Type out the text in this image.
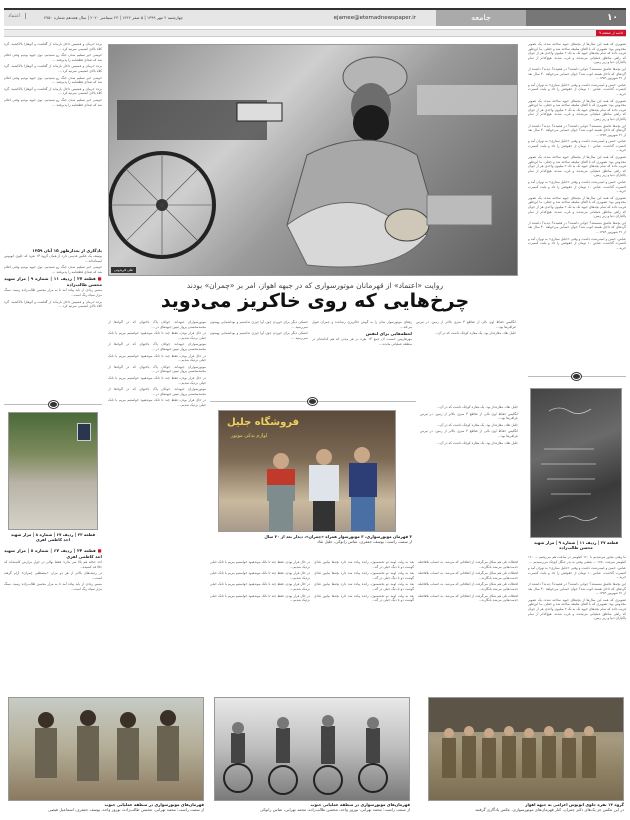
۱۰
جامعه
ejamee@etemadnewspaper.ir
چهارشنبه ۲ مهر ۱۳۹۹ | ۵ صفر ۱۴۴۲ | ۲۳ سپتامبر ۲۰۲۰ | سال هجدهم شماره ۴۷۵۰
اعتماد
ادامه از صفحه ۹

تصویری که همه این سال‌ها از بچه‌های جبهه ساخته شده، یک تصویر مخدوش بود؛ تصویری که با القای سلیقه ساخته شد و جعلی. ما این‌طور فریب داده که تمام بچه‌های جبهه تک به تک ۲ میلیون واحدی هر از جوان که راهی مناطق عملیاتی می‌شدند و غرب شدند، هیچ‌کدام از تمام پاکبازان دنیا و زیر زمین.

این بچه‌ها عاشق نشستند؟ جوانی داشتند؟ در فصیده؟ دیدید؟ داشتند از گردهای که داخل هسته اتوب شد؟ جوان حسابی می‌خواهد ۴۰ سال بعد از ۳۱ شهریور ۱۳۵۹...

عباس، حسن و امینی‌شت داشت و وقتی «جلیل ستاری» به تهران آمد و کنسرت گذاشت، عباس ۱۰ تومان از حقوقش را داد و بلیت کنسرت خرید...

تصویری که همه این سال‌ها از بچه‌های جبهه ساخته شده، یک تصویر مخدوش بود؛ تصویری که با القای سلیقه ساخته شد و جعلی. ما این‌طور فریب داده که تمام بچه‌های جبهه تک به تک ۲ میلیون واحدی هر از جوان که راهی مناطق عملیاتی می‌شدند و غرب شدند، هیچ‌کدام از تمام پاکبازان دنیا و زیر زمین.

این بچه‌ها عاشق نشستند؟ جوانی داشتند؟ در فصیده؟ دیدید؟ داشتند از گردهای که داخل هسته اتوب شد؟ جوان حسابی می‌خواهد ۴۰ سال بعد از ۳۱ شهریور ۱۳۵۹...

عباس، حسن و امینی‌شت داشت و وقتی «جلیل ستاری» به تهران آمد و کنسرت گذاشت، عباس ۱۰ تومان از حقوقش را داد و بلیت کنسرت خرید...

تصویری که همه این سال‌ها از بچه‌های جبهه ساخته شده، یک تصویر مخدوش بود؛ تصویری که با القای سلیقه ساخته شد و جعلی. ما این‌طور فریب داده که تمام بچه‌های جبهه تک به تک ۲ میلیون واحدی هر از جوان که راهی مناطق عملیاتی می‌شدند و غرب شدند، هیچ‌کدام از تمام پاکبازان دنیا و زیر زمین.

عباس، حسن و امینی‌شت داشت و وقتی «جلیل ستاری» به تهران آمد و کنسرت گذاشت، عباس ۱۰ تومان از حقوقش را داد و بلیت کنسرت خرید...

تصویری که همه این سال‌ها از بچه‌های جبهه ساخته شده، یک تصویر مخدوش بود؛ تصویری که با القای سلیقه ساخته شد و جعلی. ما این‌طور فریب داده که تمام بچه‌های جبهه تک به تک ۲ میلیون واحدی هر از جوان که راهی مناطق عملیاتی می‌شدند و غرب شدند، هیچ‌کدام از تمام پاکبازان دنیا و زیر زمین.

این بچه‌ها عاشق نشستند؟ جوانی داشتند؟ در فصیده؟ دیدید؟ داشتند از گردهای که داخل هسته اتوب شد؟ جوان حسابی می‌خواهد ۴۰ سال بعد از ۳۱ شهریور ۱۳۵۹...

عباس، حسن و امینی‌شت داشت و وقتی «جلیل ستاری» به تهران آمد و کنسرت گذاشت، عباس ۱۰ تومان از حقوقش را داد و بلیت کنسرت خرید...

قطعه ۲۷ | ردیف ۱۱ | شماره ۹ | مزار شهید محسن طالب‌زاده

ما وقتی محور می‌شدیم با ۱۲۰ کیلومتر در ساعت هم می‌رفتیم ... ۱۲۰ کیلومتر سرعت ۱۲۵۰ ... بعضی وقتی به بدر جنگل کوچک می‌رسیدیم ...

عباس، حسن و امینی‌شت داشت و وقتی «جلیل ستاری» به تهران آمد و کنسرت گذاشت، عباس ۱۰ تومان از حقوقش را داد و بلیت کنسرت خرید...

این بچه‌ها عاشق نشستند؟ جوانی داشتند؟ در فصیده؟ دیدید؟ داشتند از گردهای که داخل هسته اتوب شد؟ جوان حسابی می‌خواهد ۴۰ سال بعد از ۳۱ شهریور ۱۳۵۹...

تصویری که همه این سال‌ها از بچه‌های جبهه ساخته شده، یک تصویر مخدوش بود؛ تصویری که با القای سلیقه ساخته شد و جعلی. ما این‌طور فریب داده که تمام بچه‌های جبهه تک به تک ۲ میلیون واحدی هر از جوان که راهی مناطق عملیاتی می‌شدند و غرب شدند، هیچ‌کدام از تمام پاکبازان دنیا و زیر زمین.

برده حرمان و فشپس داخل بازماند از گفاشت و آتوهارا بالاکشید، گره کلاه بالای انشیمی سرتپه کرد ...

خوشی خیر تسلیم شدن جنگ رو شنیدیم. توی جبهه بودیم وقتی اعلام شد که صدای قطعنامه را پذیرفتند ...

برده حرمان و فشپس داخل بازماند از گفاشت و آتوهارا بالاکشید، گره کلاه بالای انشیمی سرتپه کرد ...

خوشی خیر تسلیم شدن جنگ رو شنیدیم. توی جبهه بودیم وقتی اعلام شد که صدای قطعنامه را پذیرفتند ...

برده حرمان و فشپس داخل بازماند از گفاشت و آتوهارا بالاکشید، گره کلاه بالای انشیمی سرتپه کرد ...

خوشی خیر تسلیم شدن جنگ رو شنیدیم. توی جبهه بودیم وقتی اعلام شد که صدای قطعنامه را پذیرفتند ...

یادگاری از بعدازظهر ۱۵ آبان ۱۳۵۹

یوسف یک عکس قدیمی دارد از همان گروه ۱۴ نفره که جلوی اتوبوس ایستاده‌اند...

خوشی خیر تسلیم شدن جنگ رو شنیدیم. توی جبهه بودیم وقتی اعلام شد که صدای قطعنامه را پذیرفتند ...

■ قطعه ۲۷ | ردیف ۱۱ | شماره ۹ | مزار شهید محسن طالب‌زاده

مسیر زیادی از باید پیاده آمد تا به مزار محسن طالب‌زاده رسید. سنگ مزار سیاه رنگ است...

برده حرمان و فشپس داخل بازماند از گفاشت و آتوهارا بالاکشید، گره کلاه بالای انشیمی سرتپه کرد ...

قطعه ۲۴ | ردیف ۶۷ | شماره ۸ | مزار شهید احد کاظمی اهری
■ قطعه ۲۴ | ردیف ۶۷ | شماره ۸ | مزار شهید احد کاظمی اهری

احد حجله هم بالا سر ندارد؛ فقط نهالی در جوار مزارش کاشته‌اند که حالا قد کشیده...

در ردیف‌های بالاتر از هر دو مزار، «مصطفی چمران» آرام گرفته است...

مسیر زیادی از باید پیاده آمد تا به مزار محسن طالب‌زاده رسید. سنگ مزار سیاه رنگ است...

علی فریدونی
روایت «اعتماد» از قهرمانان موتورسواری که در جبهه اهواز، امر بر «چمران» بودند
چرخ‌هایی که روی خاکریز می‌دوید

انگلیس حفاظ اوی بالی از تقاطع ۴ متری بالاتر از زمین. در تیرس عراقی‌ها بود...

جلیل نقاد، مغازه‌دار بود. یک مغازه کوچک داشت که در آن...

رفقای موتورسوار شان را به گوش خاکریزی رساندند و چمران قبول می‌کند...

لحظه‌هایی برای لنفس

مهرهاریس حسنت آن جمع ۱۴ نفره در هر مدتی که هم کداشتان در منطقه عملیاتی ماندند...

خشکی دیگر برای خوردن چون آوا چیزی نداشتیم و بوداشمایی پهمتون نمی‌رسید ...

خشکی دیگر برای خوردن چون آوا چیزی نداشتیم و بوداشمایی پهمتون نمی‌رسید ...

موتورسواران جبهه‌اند. جوانان پاک باختهای که در آلوادها از محمدمحسنی پرواز تبیین جبهه‌های در ...

در حال فرار بودن، فقط چند تا تانک موندهبود خواستیم ببریم با تانک خیلی نزدیک شدیم...

موتورسواران جبهه‌اند. جوانان پاک باختهای که در آلوادها از محمدمحسنی پرواز تبیین جبهه‌های در ...

در حال فرار بودن، فقط چند تا تانک موندهبود خواستیم ببریم با تانک خیلی نزدیک شدیم...

موتورسواران جبهه‌اند. جوانان پاک باختهای که در آلوادها از محمدمحسنی پرواز تبیین جبهه‌های در ...

در حال فرار بودن، فقط چند تا تانک موندهبود خواستیم ببریم با تانک خیلی نزدیک شدیم...

موتورسواران جبهه‌اند. جوانان پاک باختهای که در آلوادها از محمدمحسنی پرواز تبیین جبهه‌های در ...

در حال فرار بودن، فقط چند تا تانک موندهبود خواستیم ببریم با تانک خیلی نزدیک شدیم...

فروشگاه جلیل
لوازم یدکی موتور
۳ قهرمان موتورسواری، ۳ موتورسوار همراه «چمران»، دیدار بعد از ۴۰ سال
از سمت راست: یوسف جعفری، عباس رانوکی، جلیل نقاد

جلیل نقاد، مغازه‌دار بود. یک مغازه کوچک داشت که در آن...

انگلیس حفاظ اوی بالی از تقاطع ۴ متری بالاتر از زمین. در تیرس عراقی‌ها بود...

جلیل نقاد، مغازه‌دار بود. یک مغازه کوچک داشت که در آن...

انگلیس حفاظ اوی بالی از تقاطع ۴ متری بالاتر از زمین. در تیرس عراقی‌ها بود...

جلیل نقاد، مغازه‌دار بود. یک مغازه کوچک داشت که در آن...

لحظات تلی هم شکل می‌گرفت از اتفاقاتی که می‌شد. به حساب بلافاصله حدمت‌هایی می‌شد بانگارند...

لحظات تلی هم شکل می‌گرفت از اتفاقاتی که می‌شد. به حساب بلافاصله حدمت‌هایی می‌شد بانگارند...

لحظات تلی هم شکل می‌گرفت از اتفاقاتی که می‌شد. به حساب بلافاصله حدمت‌هایی می‌شد بانگارند...

لحظات تلی هم شکل می‌گرفت از اتفاقاتی که می‌شد. به حساب بلافاصله حدمت‌هایی می‌شد بانگارند...

بعد به ولت اومد تو تخشمتون، رانده پیاده شد دارد بچه‌ها بیایین غذای گوشت دو تا دیگ خیلی در گه...

بعد به ولت اومد تو تخشمتون، رانده پیاده شد دارد بچه‌ها بیایین غذای گوشت دو تا دیگ خیلی در گه...

بعد به ولت اومد تو تخشمتون، رانده پیاده شد دارد بچه‌ها بیایین غذای گوشت دو تا دیگ خیلی در گه...

بعد به ولت اومد تو تخشمتون، رانده پیاده شد دارد بچه‌ها بیایین غذای گوشت دو تا دیگ خیلی در گه...

در حال فرار بودن، فقط چند تا تانک موندهبود خواستیم ببریم با تانک خیلی نزدیک شدیم...

در حال فرار بودن، فقط چند تا تانک موندهبود خواستیم ببریم با تانک خیلی نزدیک شدیم...

در حال فرار بودن، فقط چند تا تانک موندهبود خواستیم ببریم با تانک خیلی نزدیک شدیم...

در حال فرار بودن، فقط چند تا تانک موندهبود خواستیم ببریم با تانک خیلی نزدیک شدیم...

گروه ۱۴ نفره جلوی اتوبوس اعزامی به جبهه اهواز
در این عکس جز یک‌های دکتر چمران، کنار قهرمان‌های موتورسواری، عکس یادگاری گرفتند
قهرمان‌های موتورسواری در منطقه عملیاتی جنوب
از سمت راست: محمد تهرانی، نوروز واحد، محسن طالب‌زاده، محمد تهرانی، عباس رانوکی
قهرمان‌های موتورسواری در منطقه عملیاتی جنوب
از سمت راست: محمد تهرانی، محسن طالب‌زاده، نوروز واحد، یوسف جعفری، اسماعیل فیضی
